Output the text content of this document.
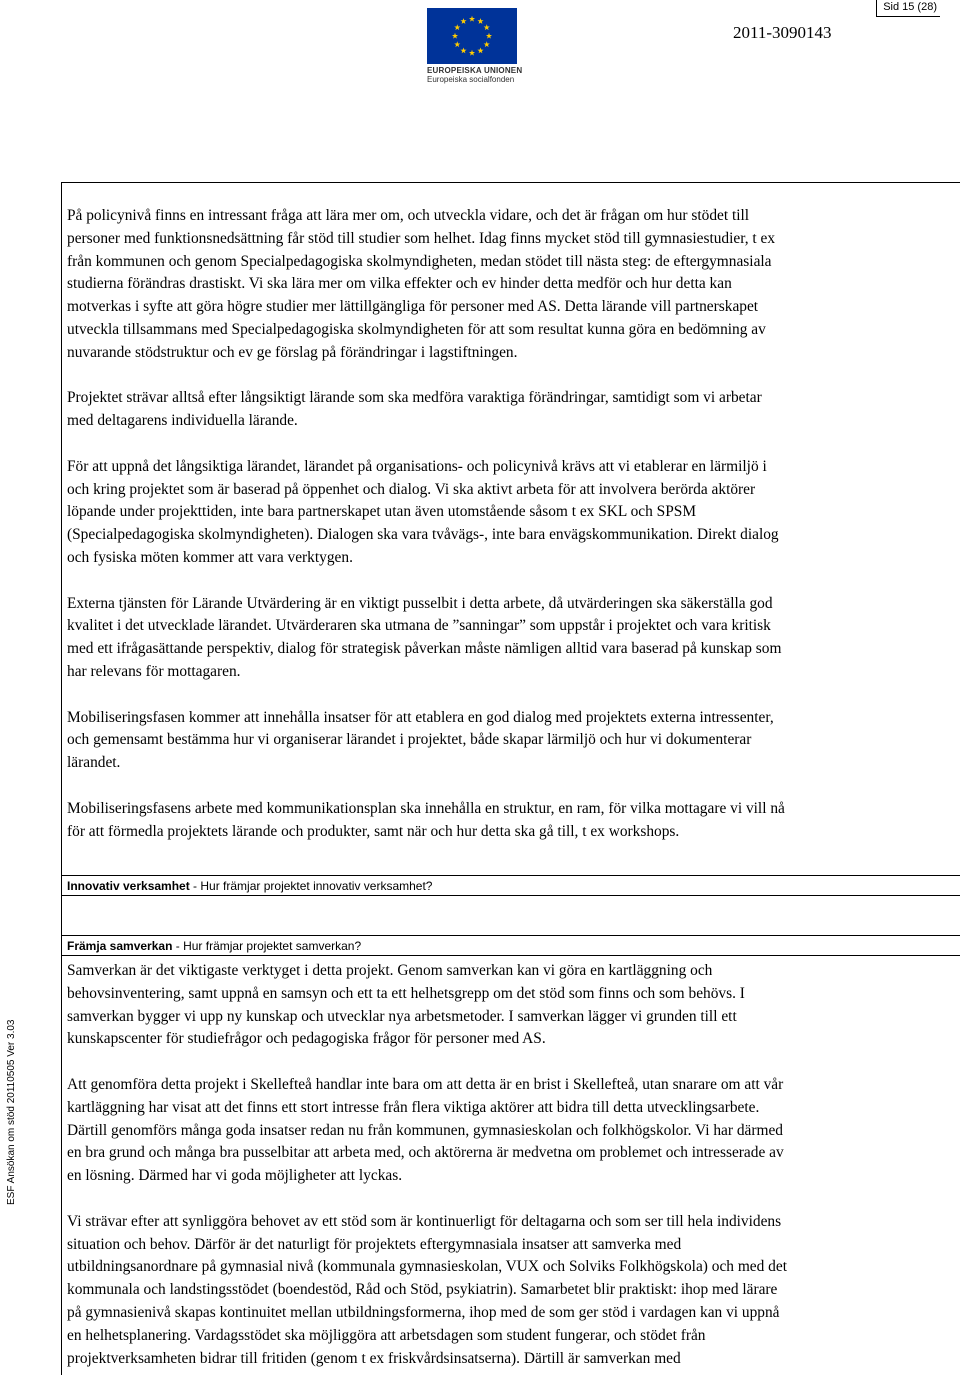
Sid 15 (28)
EUROPEISKA UNIONEN
Europeiska socialfonden
2011-3090143
ESF Ansökan om stöd 20110505 Ver 3.03

På policynivå finns en intressant fråga att lära mer om, och utveckla vidare, och det är frågan om hur stödet till
personer med funktionsnedsättning får stöd till studier som helhet. Idag finns mycket stöd till gymnasiestudier, t ex
från kommunen och genom Specialpedagogiska skolmyndigheten, medan stödet till nästa steg: de eftergymnasiala
studierna förändras drastiskt. Vi ska lära mer om vilka effekter och ev hinder detta medför och hur detta kan
motverkas i syfte att göra högre studier mer lättillgängliga för personer med AS. Detta lärande vill partnerskapet
utveckla tillsammans med Specialpedagogiska skolmyndigheten för att som resultat kunna göra en bedömning av
nuvarande stödstruktur och ev ge förslag på förändringar i lagstiftningen.

Projektet strävar alltså efter långsiktigt lärande som ska medföra varaktiga förändringar, samtidigt som vi arbetar
med deltagarens individuella lärande.

För att uppnå det långsiktiga lärandet, lärandet på organisations- och policynivå krävs att vi etablerar en lärmiljö i
och kring projektet som är baserad på öppenhet och dialog. Vi ska aktivt arbeta för att involvera berörda aktörer
löpande under projekttiden, inte bara partnerskapet utan även utomstående såsom t ex SKL och SPSM
(Specialpedagogiska skolmyndigheten). Dialogen ska vara tvåvägs-, inte bara envägskommunikation. Direkt dialog
och fysiska möten kommer att vara verktygen.

Externa tjänsten för Lärande Utvärdering är en viktigt pusselbit i detta arbete, då utvärderingen ska säkerställa god
kvalitet i det utvecklade lärandet. Utvärderaren ska utmana de ”sanningar” som uppstår i projektet och vara kritisk
med ett ifrågasättande perspektiv, dialog för strategisk påverkan måste nämligen alltid vara baserad på kunskap som
har relevans för mottagaren.

Mobiliseringsfasen kommer att innehålla insatser för att etablera en god dialog med projektets externa intressenter,
och gemensamt bestämma hur vi organiserar lärandet i projektet, både skapar lärmiljö och hur vi dokumenterar
lärandet.

Mobiliseringsfasens arbete med kommunikationsplan ska innehålla en struktur, en ram, för vilka mottagare vi vill nå
för att förmedla projektets lärande och produkter, samt när och hur detta ska gå till, t ex workshops.

Innovativ verksamhet - Hur främjar projektet innovativ verksamhet?
Främja samverkan - Hur främjar projektet samverkan?

Samverkan är det viktigaste verktyget i detta projekt. Genom samverkan kan vi göra en kartläggning och
behovsinventering, samt uppnå en samsyn och ett ta ett helhetsgrepp om det stöd som finns och som behövs. I
samverkan bygger vi upp ny kunskap och utvecklar nya arbetsmetoder. I samverkan lägger vi grunden till ett
kunskapscenter för studiefrågor och pedagogiska frågor för personer med AS.

Att genomföra detta projekt i Skellefteå handlar inte bara om att detta är en brist i Skellefteå, utan snarare om att vår
kartläggning har visat att det finns ett stort intresse från flera viktiga aktörer att bidra till detta utvecklingsarbete.
Därtill genomförs många goda insatser redan nu från kommunen, gymnasieskolan och folkhögskolor. Vi har därmed
en bra grund och många bra pusselbitar att arbeta med, och aktörerna är medvetna om problemet och intresserade av
en lösning. Därmed har vi goda möjligheter att lyckas.

Vi strävar efter att synliggöra behovet av ett stöd som är kontinuerligt för deltagarna och som ser till hela individens
situation och behov. Därför är det naturligt för projektets eftergymnasiala insatser att samverka med
utbildningsanordnare på gymnasial nivå (kommunala gymnasieskolan, VUX och Solviks Folkhögskola) och med det
kommunala och landstingsstödet (boendestöd, Råd och Stöd, psykiatrin). Samarbetet blir praktiskt: ihop med lärare
på gymnasienivå skapas kontinuitet mellan utbildningsformerna, ihop med de som ger stöd i vardagen kan vi uppnå
en helhetsplanering. Vardagsstödet ska möjliggöra att arbetsdagen som student fungerar, och stödet från
projektverksamheten bidrar till fritiden (genom t ex friskvårdsinsatserna). Därtill är samverkan med
